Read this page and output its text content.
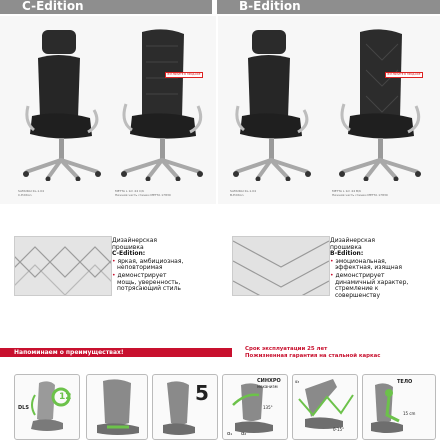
C-Edition	B-Edition
ВЗГЛЯНИТЕ В ПРОДАЖЕ	ВЗГЛЯНИТЕ В ПРОДАЖЕ
SAMURAI KL-1.04
C-Edition
METTA L 1m 44 C/K
Нижняя часть спинки METTA 17830
SAMURAI KL-1.04
B-Edition
METTA L 1m 44 B/K
Нижняя часть спинки METTA 17830
Дизайнерская
прошивка
C-Edition:
• яркая, амбициозная,
неповторимая
• демонстрирует
мощь, уверенность,
потрясающий стиль
Дизайнерская
прошивка
B-Edition:
• эмоциональная,
эффектная, изящная
• демонстрирует
динамичный характер,
стремление к
совершенству
Напоминаем о преимуществах!	Срок эксплуатации 25 лет
Пожизненная гарантия на стальной каркас
DLS
12	5	СИНХРО
механизм
α₁ α₂
135°
α₃
0-15°
ТЕЛО
15 cm
